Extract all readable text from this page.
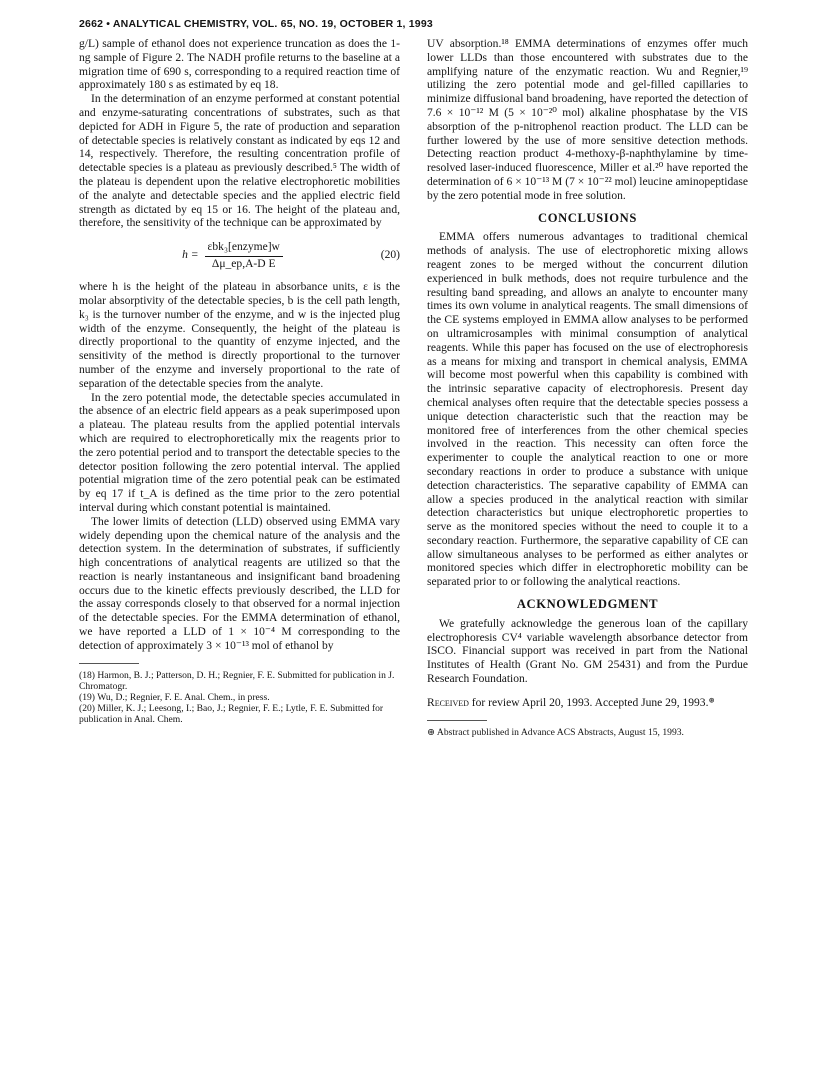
2662 • ANALYTICAL CHEMISTRY, VOL. 65, NO. 19, OCTOBER 1, 1993

g/L) sample of ethanol does not experience truncation as does the 1-ng sample of Figure 2. The NADH profile returns to the baseline at a migration time of 690 s, corresponding to a required reaction time of approximately 180 s as estimated by eq 18.

In the determination of an enzyme performed at constant potential and enzyme-saturating concentrations of substrates, such as that depicted for ADH in Figure 5, the rate of production and separation of detectable species is relatively constant as indicated by eqs 12 and 14, respectively. Therefore, the resulting concentration profile of detectable species is a plateau as previously described.⁵ The width of the plateau is dependent upon the relative electrophoretic mobilities of the analyte and detectable species and the applied electric field strength as dictated by eq 15 or 16. The height of the plateau and, therefore, the sensitivity of the technique can be approximated by

$h = \frac{\text{εbk₃[enzyme]w}}{\text{Δμ\_ep,A-D E}}$	(20)

where h is the height of the plateau in absorbance units, ε is the molar absorptivity of the detectable species, b is the cell path length, k₃ is the turnover number of the enzyme, and w is the injected plug width of the enzyme. Consequently, the height of the plateau is directly proportional to the quantity of enzyme injected, and the sensitivity of the method is directly proportional to the turnover number of the enzyme and inversely proportional to the rate of separation of the detectable species from the analyte.

In the zero potential mode, the detectable species accumulated in the absence of an electric field appears as a peak superimposed upon a plateau. The plateau results from the applied potential intervals which are required to electrophoretically mix the reagents prior to the zero potential period and to transport the detectable species to the detector position following the zero potential interval. The applied potential migration time of the zero potential peak can be estimated by eq 17 if t_A is defined as the time prior to the zero potential interval during which constant potential is maintained.

The lower limits of detection (LLD) observed using EMMA vary widely depending upon the chemical nature of the analysis and the detection system. In the determination of substrates, if sufficiently high concentrations of analytical reagents are utilized so that the reaction is nearly instantaneous and insignificant band broadening occurs due to the kinetic effects previously described, the LLD for the assay corresponds closely to that observed for a normal injection of the detectable species. For the EMMA determination of ethanol, we have reported a LLD of 1 × 10⁻⁴ M corresponding to the detection of approximately 3 × 10⁻¹³ mol of ethanol by

(18) Harmon, B. J.; Patterson, D. H.; Regnier, F. E. Submitted for publication in J. Chromatogr.

(19) Wu, D.; Regnier, F. E. Anal. Chem., in press.

(20) Miller, K. J.; Leesong, I.; Bao, J.; Regnier, F. E.; Lytle, F. E. Submitted for publication in Anal. Chem.

UV absorption.¹⁸ EMMA determinations of enzymes offer much lower LLDs than those encountered with substrates due to the amplifying nature of the enzymatic reaction. Wu and Regnier,¹⁹ utilizing the zero potential mode and gel-filled capillaries to minimize diffusional band broadening, have reported the detection of 7.6 × 10⁻¹² M (5 × 10⁻²⁰ mol) alkaline phosphatase by the VIS absorption of the p-nitrophenol reaction product. The LLD can be further lowered by the use of more sensitive detection methods. Detecting reaction product 4-methoxy-β-naphthylamine by time-resolved laser-induced fluorescence, Miller et al.²⁰ have reported the determination of 6 × 10⁻¹³ M (7 × 10⁻²² mol) leucine aminopeptidase by the zero potential mode in free solution.

CONCLUSIONS

EMMA offers numerous advantages to traditional chemical methods of analysis. The use of electrophoretic mixing allows reagent zones to be merged without the concurrent dilution experienced in bulk methods, does not require turbulence and the resulting band spreading, and allows an analyte to encounter many times its own volume in analytical reagents. The small dimensions of the CE systems employed in EMMA allow analyses to be performed on ultramicrosamples with minimal consumption of analytical reagents. While this paper has focused on the use of electrophoresis as a means for mixing and transport in chemical analysis, EMMA will become most powerful when this capability is combined with the intrinsic separative capacity of electrophoresis. Present day chemical analyses often require that the detectable species possess a unique detection characteristic such that the reaction may be monitored free of interferences from the other chemical species involved in the reaction. This necessity can often force the experimenter to couple the analytical reaction to one or more secondary reactions in order to produce a substance with unique detection characteristics. The separative capability of EMMA can allow a species produced in the analytical reaction with similar detection characteristics but unique electrophoretic properties to serve as the monitored species without the need to couple it to a secondary reaction. Furthermore, the separative capability of CE can allow simultaneous analyses to be performed as either analytes or monitored species which differ in electrophoretic mobility can be separated prior to or following the analytical reactions.

ACKNOWLEDGMENT

We gratefully acknowledge the generous loan of the capillary electrophoresis CV⁴ variable wavelength absorbance detector from ISCO. Financial support was received in part from the National Institutes of Health (Grant No. GM 25431) and from the Purdue Research Foundation.

Received for review April 20, 1993. Accepted June 29, 1993.⊛

⊛ Abstract published in Advance ACS Abstracts, August 15, 1993.
